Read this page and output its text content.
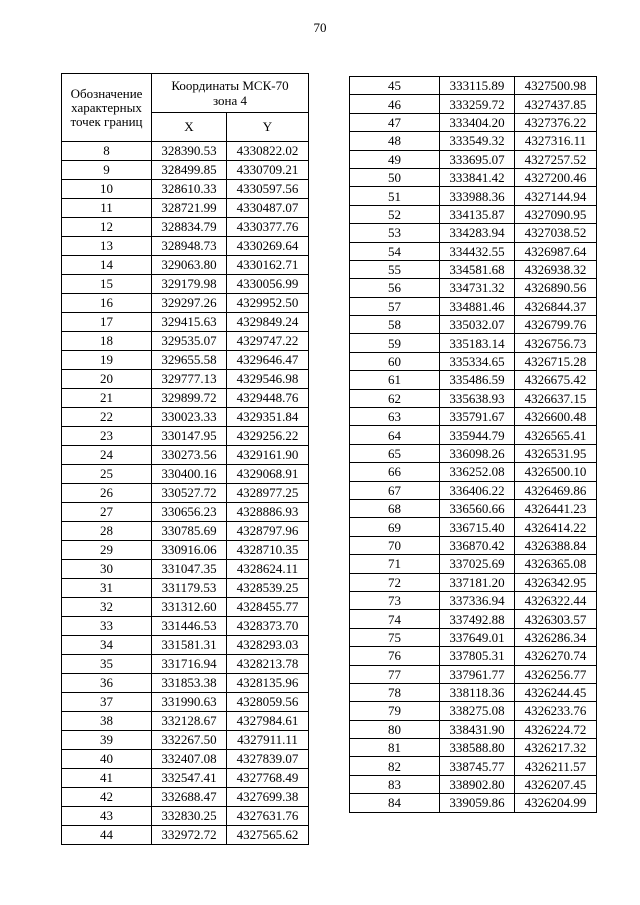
70
Обозначение
характерных
точек границ	Координаты МСК-70
зона 4	
	X	Y
8	328390.53	4330822.02
9	328499.85	4330709.21
10	328610.33	4330597.56
11	328721.99	4330487.07
12	328834.79	4330377.76
13	328948.73	4330269.64
14	329063.80	4330162.71
15	329179.98	4330056.99
16	329297.26	4329952.50
17	329415.63	4329849.24
18	329535.07	4329747.22
19	329655.58	4329646.47
20	329777.13	4329546.98
21	329899.72	4329448.76
22	330023.33	4329351.84
23	330147.95	4329256.22
24	330273.56	4329161.90
25	330400.16	4329068.91
26	330527.72	4328977.25
27	330656.23	4328886.93
28	330785.69	4328797.96
29	330916.06	4328710.35
30	331047.35	4328624.11
31	331179.53	4328539.25
32	331312.60	4328455.77
33	331446.53	4328373.70
34	331581.31	4328293.03
35	331716.94	4328213.78
36	331853.38	4328135.96
37	331990.63	4328059.56
38	332128.67	4327984.61
39	332267.50	4327911.11
40	332407.08	4327839.07
41	332547.41	4327768.49
42	332688.47	4327699.38
43	332830.25	4327631.76
44	332972.72	4327565.62
45	333115.89	4327500.98
46	333259.72	4327437.85
47	333404.20	4327376.22
48	333549.32	4327316.11
49	333695.07	4327257.52
50	333841.42	4327200.46
51	333988.36	4327144.94
52	334135.87	4327090.95
53	334283.94	4327038.52
54	334432.55	4326987.64
55	334581.68	4326938.32
56	334731.32	4326890.56
57	334881.46	4326844.37
58	335032.07	4326799.76
59	335183.14	4326756.73
60	335334.65	4326715.28
61	335486.59	4326675.42
62	335638.93	4326637.15
63	335791.67	4326600.48
64	335944.79	4326565.41
65	336098.26	4326531.95
66	336252.08	4326500.10
67	336406.22	4326469.86
68	336560.66	4326441.23
69	336715.40	4326414.22
70	336870.42	4326388.84
71	337025.69	4326365.08
72	337181.20	4326342.95
73	337336.94	4326322.44
74	337492.88	4326303.57
75	337649.01	4326286.34
76	337805.31	4326270.74
77	337961.77	4326256.77
78	338118.36	4326244.45
79	338275.08	4326233.76
80	338431.90	4326224.72
81	338588.80	4326217.32
82	338745.77	4326211.57
83	338902.80	4326207.45
84	339059.86	4326204.99
